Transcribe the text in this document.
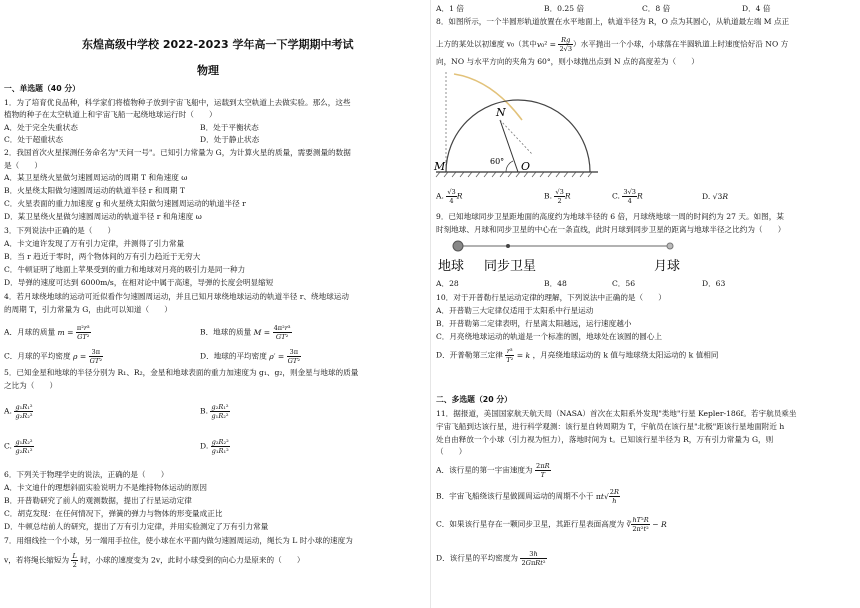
东煌高级中学校 2022-2023 学年高一下学期期中考试
物理
一、单选题（40 分）
1．为了培育优良品种，科学家们将植物种子放到宇宙飞船中，运载到太空轨道上去做实验。那么，这些
植物的种子在太空轨道上和宇宙飞船一起绕地球运行时（　　）
A．处于完全失重状态	B．处于平衡状态
C．处于超重状态	D．处于静止状态
2．我国首次火星探测任务命名为"天问一号"。已知引力常量为 G，为计算火星的质量，需要测量的数据
是（　　）
A．某卫星绕火星做匀速圆周运动的周期 T 和角速度 ω
B．火星绕太阳做匀速圆周运动的轨道半径 r 和周期 T
C．火星表面的重力加速度 g 和火星绕太阳做匀速圆周运动的轨道半径 r
D．某卫星绕火星做匀速圆周运动的轨道半径 r 和角速度 ω
3．下列说法中正确的是（　　）
A．卡文迪许发现了万有引力定律，并测得了引力常量
B．当 r 趋近于零时，两个物体间的万有引力趋近于无穷大
C．牛顿证明了地面上苹果受到的重力和地球对月亮的吸引力是同一种力
D．导弹的速度可达到 6000m/s，在相对论中属于高速，导弹的长度会明显缩短
4．若月球绕地球的运动可近似看作匀速圆周运动，并且已知月球绕地球运动的轨道半径 r、绕地球运动
的周期 T，引力常量为 G，由此可以知道（　　）
A．月球的质量 $m = \frac{\text{π²r³}}{\text{GT²}}$	B．地球的质量 $M = \frac{\text{4π²r³}}{\text{GT²}}$
C．月球的平均密度 $\rho = \frac{3\pi}{\text{GT²}}$	D．地球的平均密度 $\rho' = \frac{3\pi}{\text{GT²}}$
5．已知金星和地球的半径分别为 R₁、R₂，金星和地球表面的重力加速度为 g₁、g₂，则金星与地球的质量
之比为（　　）
A. $\frac{\text{g₁R₁²}}{\text{g₂R₂²}}$	B. $\frac{\text{g₂R₁²}}{\text{g₁R₂²}}$
C. $\frac{\text{g₁R₂²}}{\text{g₂R₁²}}$	D. $\frac{\text{g₂R₂²}}{\text{g₁R₁²}}$
6．下列关于物理学史的说法，正确的是（　　）
A．卡文迪什的理想斜面实验说明力不是维持物体运动的原因
B．开普勒研究了前人的观测数据，提出了行星运动定律
C．胡克发现：在任何情况下，弹簧的弹力与物体的形变量成正比
D．牛顿总结前人的研究，提出了万有引力定律，并用实验测定了万有引力常量
7．用细线拴一个小球，另一端用手拉住，使小球在水平面内做匀速圆周运动，绳长为 L 时小球的速度为
v，若将绳长缩短为 $\frac{L}{2}$ 时，小球的速度变为 2v，此时小球受到的向心力是原来的（　　）
A．1 倍	B．0.25 倍	C．8 倍	D．4 倍
8．如图所示，一个半圆形轨道放置在水平地面上，轨道半径为 R，O 点为其圆心，从轨道最左端 M 点正
上方的某处以初速度 v₀（其中$v_0^2 = \frac{Rg}{2√3}$ ）水平抛出一个小球，小球落在半圆轨道上时速度恰好沿 NO 方
向，NO 与水平方向的夹角为 60°，则小球抛出点到 N 点的高度差为（　　）
N
M	O
60°
A. $\frac{√3}{4}$ R	B. $\frac{√3}{2}$ R	C. $\frac{3√3}{4}$ R	D. √3R
9．已知地球同步卫星距地面的高度约为地球半径的 6 倍，月球绕地球一周的时间约为 27 天。如图，某
时刻地球、月球和同步卫星的中心在一条直线，此时月球到同步卫星的距离与地球半径之比约为（　　）
地球 同步卫星	月球
A．28	B．48	C．56	D．63
10．对于开普勒行星运动定律的理解，下列说法中正确的是（　　）
A．开普勒三大定律仅适用于太阳系中行星运动
B．开普勒第二定律表明，行星离太阳越远，运行速度越小
C．月亮绕地球运动的轨道是一个标准的圆，地球处在该圆的圆心上
D．开普勒第三定律 $\frac{\text{r³}}{\text{T²}} = k$ ，月亮绕地球运动的 k 值与地球绕太阳运动的 k 值相同
二、多选题（20 分）
11．据报道，美国国家航天航天局（NASA）首次在太阳系外发现"类地"行星 Kepler-186f。若宇航员乘坐
宇宙飞船到达该行星，进行科学观测：该行星自转周期为 T，宇航员在该行星"北极"距该行星地面附近 h
处自由释放一个小球（引力视为恒力），落地时间为 t。已知该行星半径为 R，万有引力常量为 G，则
（　　）
A．该行星的第一宇宙速度为 $\frac{2\pi R}{T}$
B．宇宙飞船绕该行星做圆周运动的周期不小于 $\pi t√ \frac{2R}{h}$
C．如果该行星存在一颗同步卫星，其距行星表面高度为 ∛ $\frac{\text{hT²R}}{\text{2π²t²}} - R$
D．该行星的平均密度为 $\frac{3h}{\text{2GπRt²}}$
